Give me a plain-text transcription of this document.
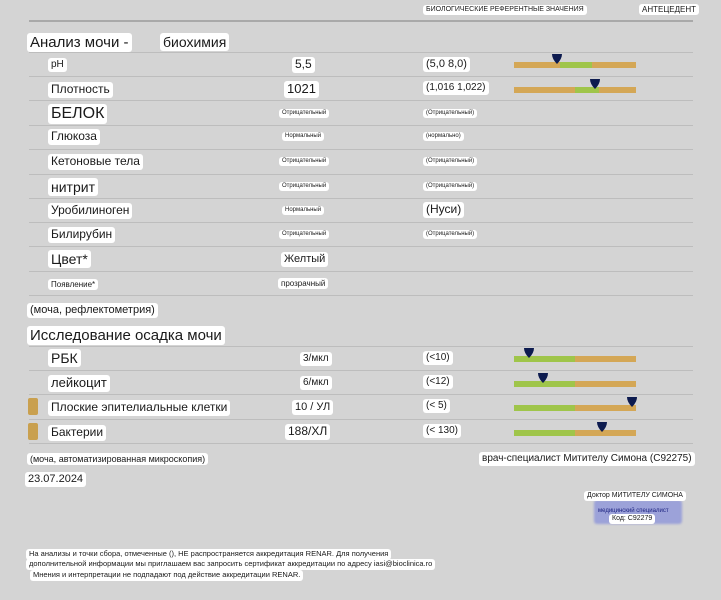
БИОЛОГИЧЕСКИЕ РЕФЕРЕНТНЫЕ ЗНАЧЕНИЯ	АНТЕЦЕДЕНТ
Анализ мочи - биохимия
pH	5,5	(5,0 8,0)
Плотность	1021	(1,016 1,022)
БЕЛОК	Отрицательный	(Отрицательный)
Глюкоза	Нормальный	(нормально)
Кетоновые тела	Отрицательный	(Отрицательный)
нитрит	Отрицательный	(Отрицательный)
Уробилиноген	Нормальный	(Нуси)
Билирубин	Отрицательный	(Отрицательный)
Цвет*	Желтый
Появление*	прозрачный
(моча, рефлектометрия)
Исследование осадка мочи
РБК	3/мкл	(<10)
лейкоцит	6/мкл	(<12)
Плоские эпителиальные клетки	10 / УЛ	(< 5)
Бактерии	188/ХЛ	(< 130)
(моча, автоматизированная микроскопия)	врач-специалист Митителу Симона (C92275)
23.07.2024
Доктор МИТИТЕЛУ СИМОНА
медицинский специалист
Код: C92279
На анализы и точки сбора, отмеченные (), НЕ распространяется аккредитация RENAR. Для получения
дополнительной информации мы приглашаем вас запросить сертификат аккредитации по адресу iasi@bioclinica.ro
Мнения и интерпретации не подпадают под действие аккредитации RENAR.
